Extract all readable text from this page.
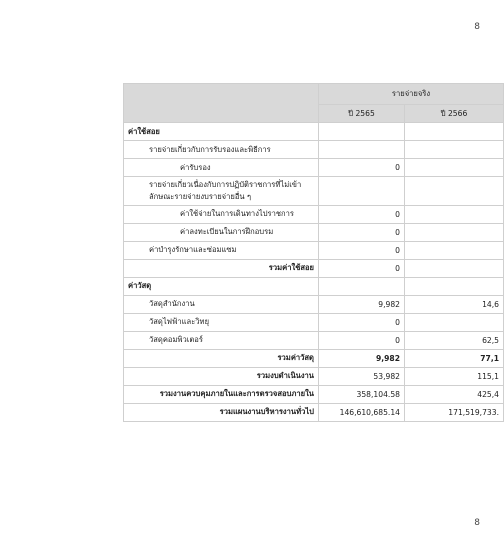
8
	รายจ่ายจริง	
	ปี 2565	ปี 2566
ค่าใช้สอย		
รายจ่ายเกี่ยวกับการรับรองและพิธีการ		
ค่ารับรอง	0	
รายจ่ายเกี่ยวเนื่องกับการปฏิบัติราชการที่ไม่เข้าลักษณะรายจ่ายงบรายจ่ายอื่น ๆ		
ค่าใช้จ่ายในการเดินทางไปราชการ	0	
ค่าลงทะเบียนในการฝึกอบรม	0	
ค่าบำรุงรักษาและซ่อมแซม	0	
รวมค่าใช้สอย	0	
ค่าวัสดุ		
วัสดุสำนักงาน	9,982	14,6
วัสดุไฟฟ้าและวิทยุ	0	
วัสดุคอมพิวเตอร์	0	62,5
รวมค่าวัสดุ	9,982	77,1
รวมงบดำเนินงาน	53,982	115,1
รวมงานควบคุมภายในและการตรวจสอบภายใน	358,104.58	425,4
รวมแผนงานบริหารงานทั่วไป	146,610,685.14	171,519,733.
8
